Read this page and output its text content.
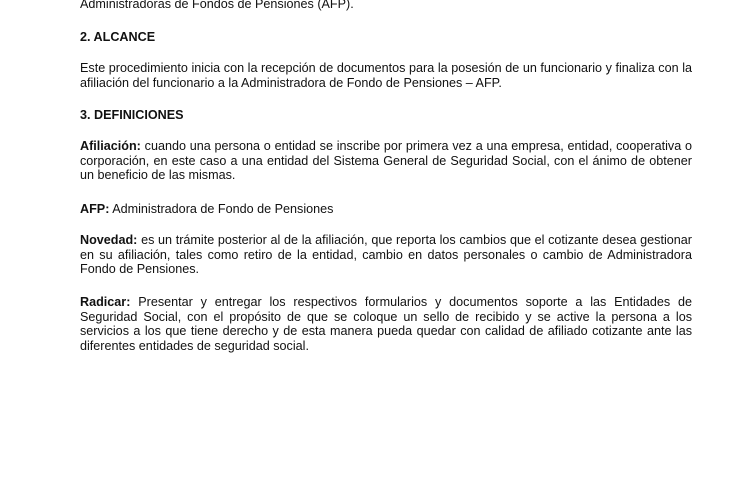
Administradoras de Fondos de Pensiones (AFP).
2. ALCANCE
Este procedimiento inicia con la recepción de documentos para la posesión de un funcionario y finaliza con la afiliación del funcionario a la Administradora de Fondo de Pensiones – AFP.
3. DEFINICIONES
Afiliación: cuando una persona o entidad se inscribe por primera vez a una empresa, entidad, cooperativa o corporación, en este caso a una entidad del Sistema General de Seguridad Social, con el ánimo de obtener un beneficio de las mismas.
AFP: Administradora de Fondo de Pensiones
Novedad: es un trámite posterior al de la afiliación, que reporta los cambios que el cotizante desea gestionar en su afiliación, tales como retiro de la entidad, cambio en datos personales o cambio de Administradora Fondo de Pensiones.
Radicar: Presentar y entregar los respectivos formularios y documentos soporte a las Entidades de Seguridad Social, con el propósito de que se coloque un sello de recibido y se active la persona a los servicios a los que tiene derecho y de esta manera pueda quedar con calidad de afiliado cotizante ante las diferentes entidades de seguridad social.
